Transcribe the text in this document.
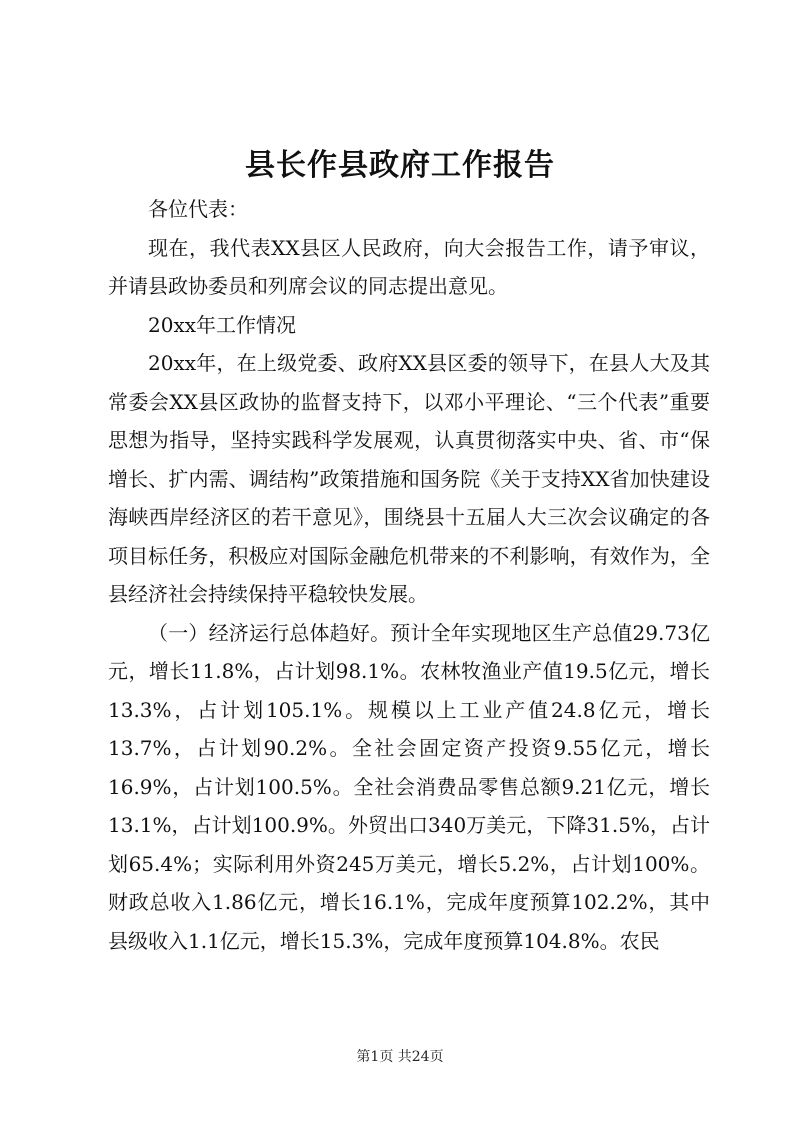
县长作县政府工作报告

各位代表：

现在，我代表XX县区人民政府，向大会报告工作，请予审议，并请县政协委员和列席会议的同志提出意见。

20xx年工作情况

20xx年，在上级党委、政府XX县区委的领导下，在县人大及其常委会XX县区政协的监督支持下，以邓小平理论、“三个代表”重要思想为指导，坚持实践科学发展观，认真贯彻落实中央、省、市“保增长、扩内需、调结构”政策措施和国务院《关于支持XX省加快建设海峡西岸经济区的若干意见》，围绕县十五届人大三次会议确定的各项目标任务，积极应对国际金融危机带来的不利影响，有效作为，全县经济社会持续保持平稳较快发展。

（一）经济运行总体趋好。预计全年实现地区生产总值29.73亿元，增长11.8%，占计划98.1%。农林牧渔业产值19.5亿元，增长13.3%，占计划105.1%。规模以上工业产值24.8亿元，增长13.7%，占计划90.2%。全社会固定资产投资9.55亿元，增长16.9%，占计划100.5%。全社会消费品零售总额9.21亿元，增长13.1%，占计划100.9%。外贸出口340万美元，下降31.5%，占计划65.4%；实际利用外资245万美元，增长5.2%，占计划100%。财政总收入1.86亿元，增长16.1%，完成年度预算102.2%，其中县级收入1.1亿元，增长15.3%，完成年度预算104.8%。农民

第1页 共24页
